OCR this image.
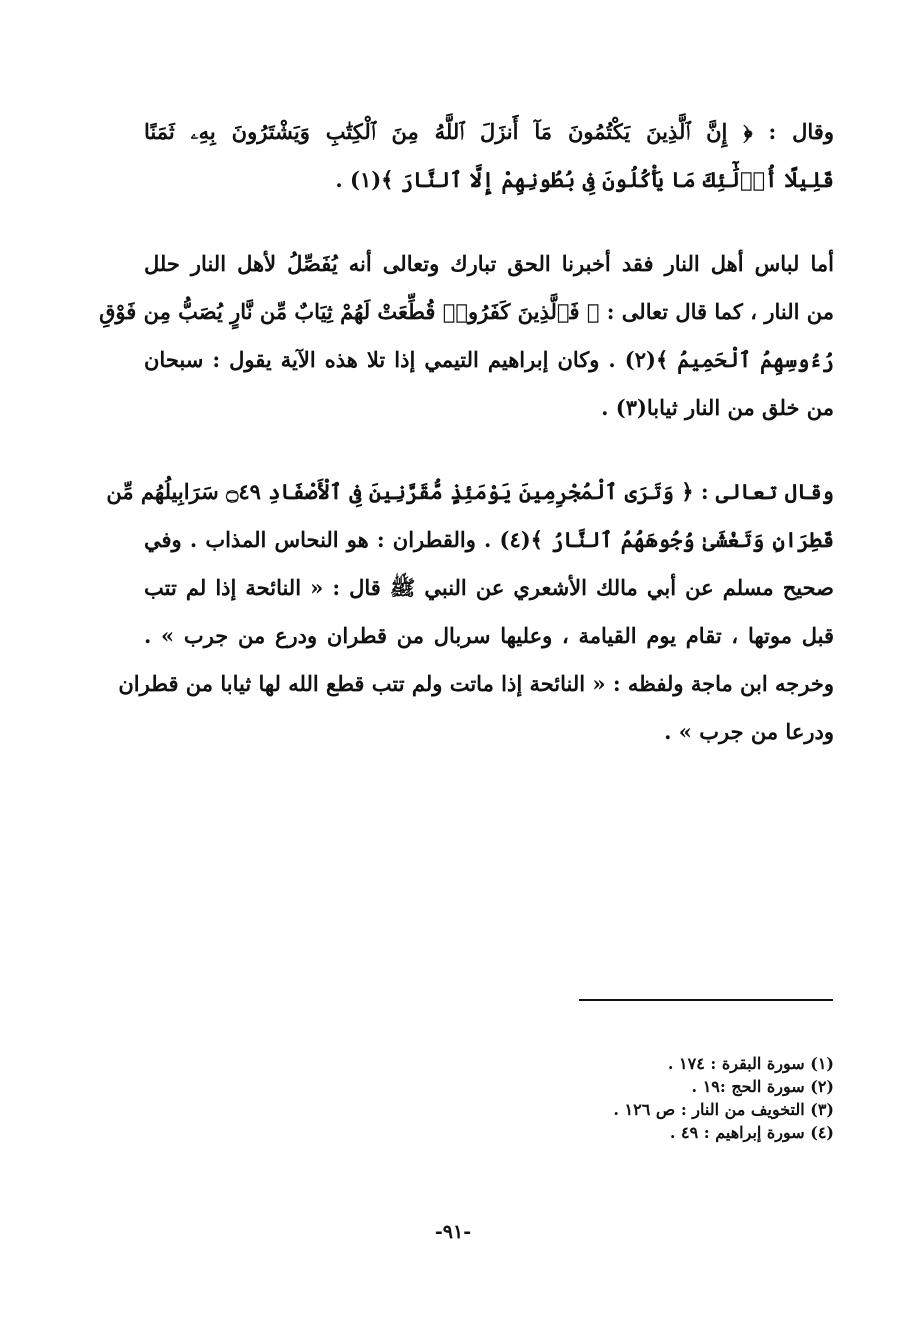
وقال : ﴿ إِنَّ ٱلَّذِينَ يَكْتُمُونَ مَآ أَنزَلَ ٱللَّهُ مِنَ ٱلْكِتَٰبِ وَيَشْتَرُونَ بِهِۦ ثَمَنًا
قَلِيلًا أُو۟لَٰٓئِكَ مَا يَأْكُلُونَ فِى بُطُونِهِمْ إِلَّا ٱلنَّارَ ﴾(١) .

أما لباس أهل النار فقد أخبرنا الحق تبارك وتعالى أنه يُفَصِّلُ لأهل النار حلل
من النار ، كما قال تعالى : ﴿ فَٱلَّذِينَ كَفَرُوا۟ قُطِّعَتْ لَهُمْ ثِيَابٌ مِّن نَّارٍ يُصَبُّ مِن فَوْقِ
رُءُوسِهِمُ ٱلْحَمِيمُ ﴾(٢) . وكان إبراهيم التيمي إذا تلا هذه الآية يقول : سبحان
من خلق من النار ثيابا(٣) .

وقال تعالى : ﴿ وَتَرَى ٱلْمُجْرِمِينَ يَوْمَئِذٍ مُّقَرَّنِينَ فِى ٱلْأَصْفَادِ ۝٤٩ سَرَابِيلُهُم مِّن
قَطِرَانٍ وَتَغْشَىٰ وُجُوهَهُمُ ٱلنَّارُ ﴾(٤) . والقطران : هو النحاس المذاب . وفي
صحيح مسلم عن أبي مالك الأشعري عن النبي ﷺ قال : « النائحة إذا لم تتب
قبل موتها ، تقام يوم القيامة ، وعليها سربال من قطران ودرع من جرب » .
وخرجه ابن ماجة ولفظه : « النائحة إذا ماتت ولم تتب قطع الله لها ثيابا من قطران
ودرعا من جرب » .

(١) سورة البقرة : ١٧٤ .
(٢) سورة الحج :١٩ .
(٣) التخويف من النار : ص ١٢٦ .
(٤) سورة إبراهيم : ٤٩ .
-٩١-
